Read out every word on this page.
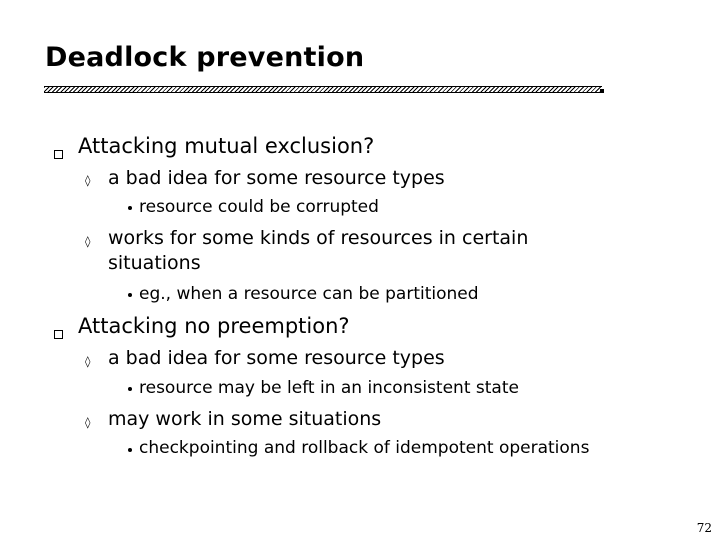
Deadlock prevention
Attacking mutual exclusion?
◊ a bad idea for some resource types
resource could be corrupted
◊ works for some kinds of resources in certain situations
eg., when a resource can be partitioned
Attacking no preemption?
◊ a bad idea for some resource types
resource may be left in an inconsistent state
◊ may work in some situations
checkpointing and rollback of idempotent operations
72
